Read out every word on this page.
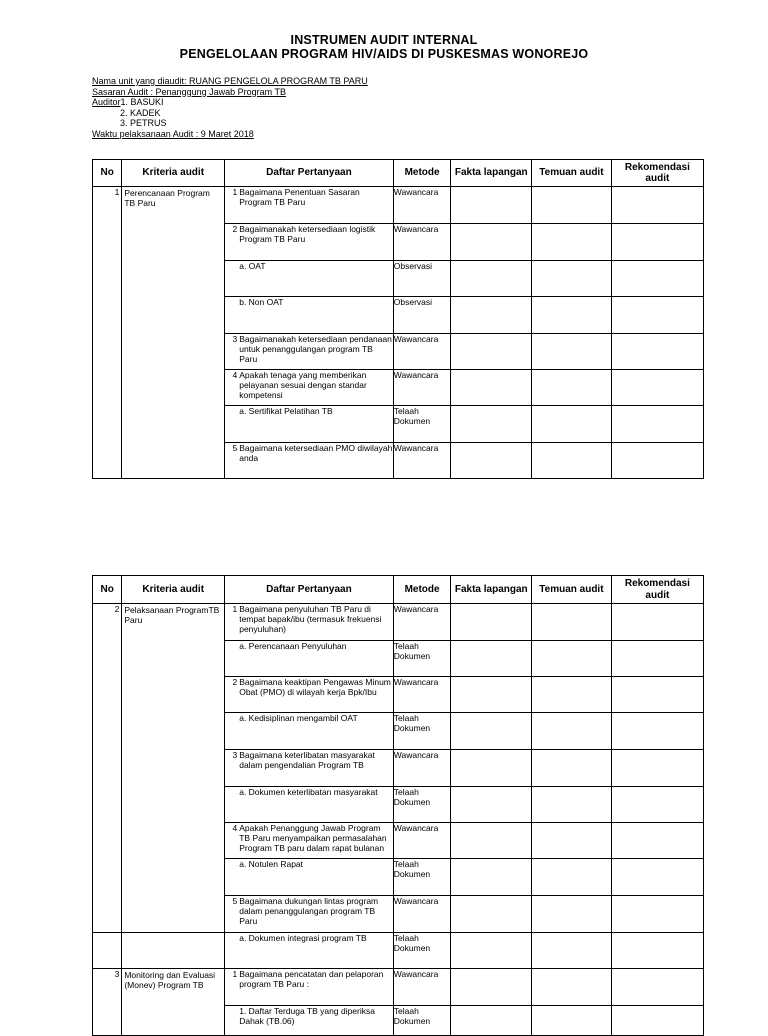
INSTRUMEN AUDIT INTERNAL
PENGELOLAAN PROGRAM HIV/AIDS DI PUSKESMAS WONOREJO
Nama unit yang diaudit: RUANG PENGELOLA PROGRAM TB PARU
Sasaran Audit : Penanggung Jawab Program TB
Auditor1. BASUKI
2. KADEK
3. PETRUS
Waktu pelaksanaan Audit : 9 Maret 2018
No	Kriteria audit	Daftar Pertanyaan		Metode	Fakta lapangan	Temuan audit	Rekomendasi audit
1	Perencanaan Program TB Paru	1	Bagaimana Penentuan Sasaran Program TB Paru	Wawancara			
		2	Bagaimanakah ketersediaan logistik Program TB Paru	Wawancara			
			a. OAT	Observasi			
			b. Non OAT	Observasi			
		3	Bagaimanakah ketersediaan pendanaan untuk penanggulangan program TB Paru	Wawancara			
		4	Apakah tenaga yang memberikan pelayanan sesuai dengan standar kompetensi	Wawancara			
			a. Sertifikat Pelatihan TB	Telaah Dokumen			
		5	Bagaimana ketersediaan PMO diwilayah anda	Wawancara			
No	Kriteria audit	Daftar Pertanyaan		Metode	Fakta lapangan	Temuan audit	Rekomendasi audit
2	Pelaksanaan ProgramTB Paru	1	Bagaimana penyuluhan TB Paru di tempat bapak/ibu (termasuk frekuensi penyuluhan)	Wawancara			
			a. Perencanaan Penyuluhan	Telaah Dokumen			
		2	Bagaimana keaktipan Pengawas Minum Obat (PMO) di wilayah kerja Bpk/Ibu	Wawancara			
			a. Kedisiplinan mengambil OAT	Telaah Dokumen			
		3	Bagaimana keterlibatan masyarakat dalam pengendalian Program TB	Wawancara			
			a. Dokumen keterlibatan masyarakat	Telaah Dokumen			
		4	Apakah Penanggung Jawab Program TB Paru menyampaikan permasalahan Program TB paru dalam rapat bulanan	Wawancara			
			a. Notulen Rapat	Telaah Dokumen			
		5	Bagaimana dukungan lintas program dalam penanggulangan program TB Paru	Wawancara			
			a. Dokumen integrasi program TB	Telaah Dokumen			
3	Monitoring dan Evaluasi (Monev) Program TB	1	Bagaimana pencatatan dan pelaporan program TB Paru :	Wawancara			
			1. Daftar Terduga TB yang diperiksa Dahak (TB.06)	Telaah Dokumen			
